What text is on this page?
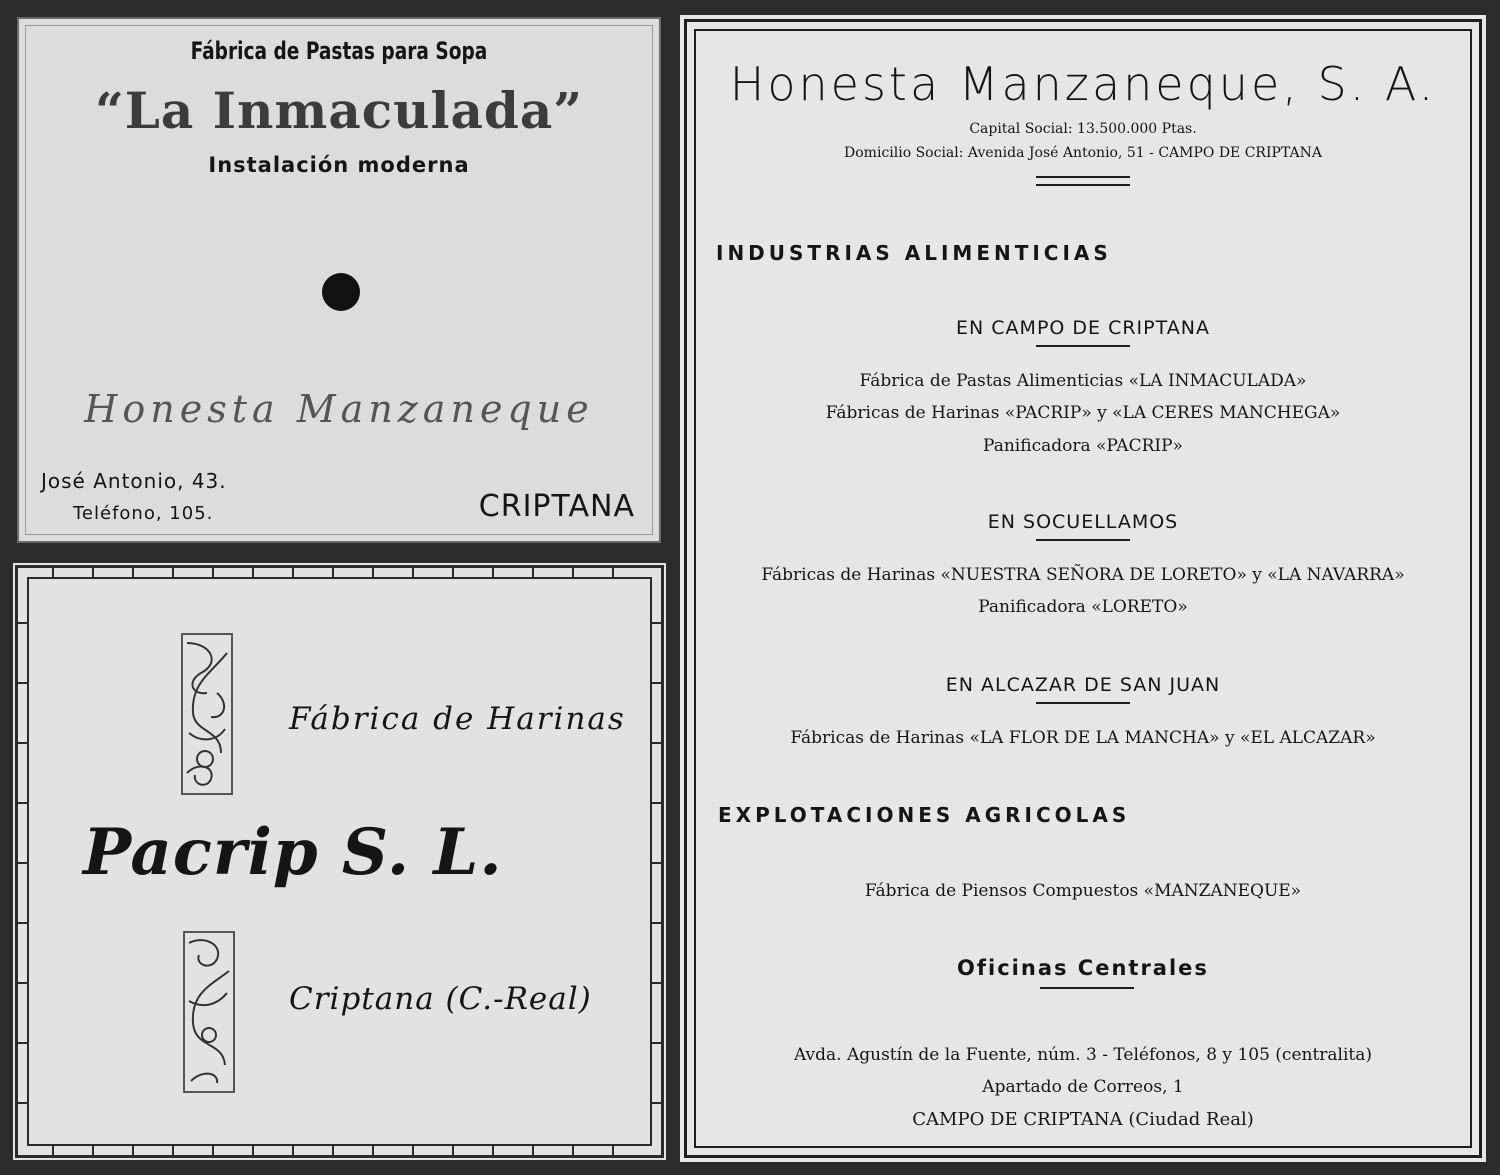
Fábrica de Pastas para Sopa
“La Inmaculada”
Instalación moderna
Honesta Manzaneque
José Antonio, 43.
Teléfono, 105.	CRIPTANA
Fábrica de Harinas
Pacrip S. L.
Criptana (C.-Real)
Honesta Manzaneque, S. A.
Capital Social: 13.500.000 Ptas.
Domicilio Social: Avenida José Antonio, 51 - CAMPO DE CRIPTANA
INDUSTRIAS ALIMENTICIAS
EN CAMPO DE CRIPTANA
Fábrica de Pastas Alimenticias «LA INMACULADA»
Fábricas de Harinas «PACRIP» y «LA CERES MANCHEGA»
Panificadora «PACRIP»
EN SOCUELLAMOS
Fábricas de Harinas «NUESTRA SEÑORA DE LORETO» y «LA NAVARRA»
Panificadora «LORETO»
EN ALCAZAR DE SAN JUAN
Fábricas de Harinas «LA FLOR DE LA MANCHA» y «EL ALCAZAR»
EXPLOTACIONES AGRICOLAS
Fábrica de Piensos Compuestos «MANZANEQUE»
Oficinas Centrales
Avda. Agustín de la Fuente, núm. 3 - Teléfonos, 8 y 105 (centralita)
Apartado de Correos, 1
CAMPO DE CRIPTANA (Ciudad Real)
